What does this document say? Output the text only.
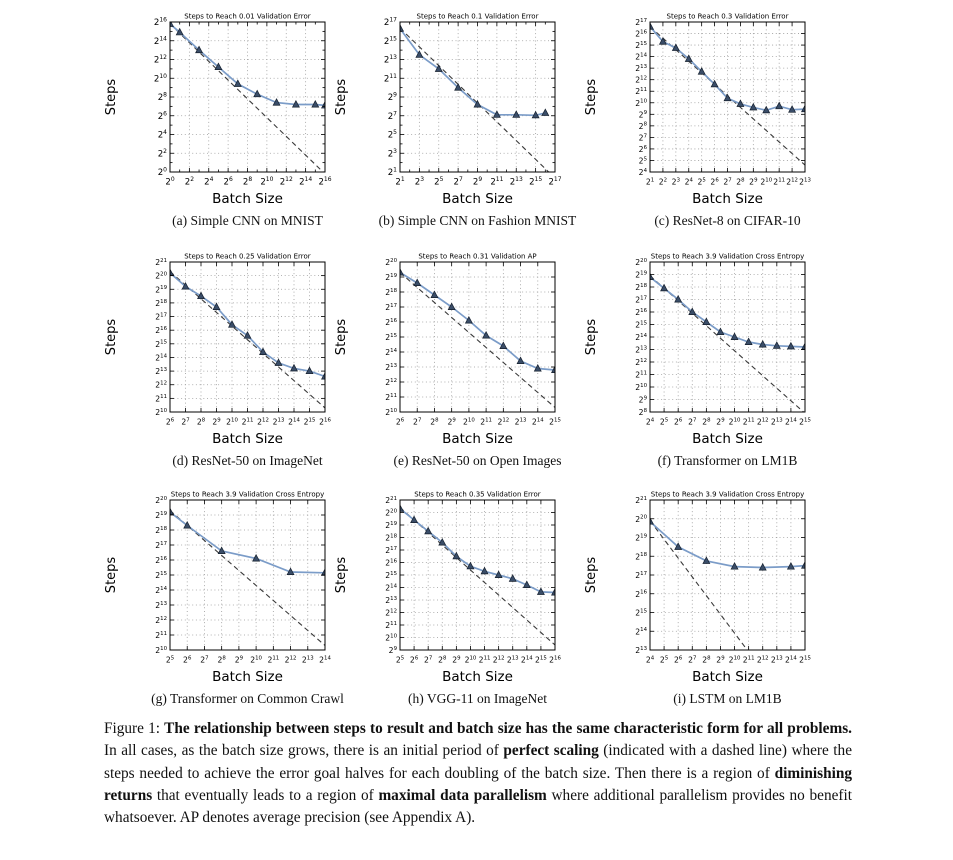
$2^0$ $2^2$ $2^4$ $2^6$ $2^8$ $2^{10}$ $2^{12}$ $2^{14}$ $2^{16}$
$2^0$
$2^2$
$2^4$
$2^6$
$2^8$
$2^{10}$
$2^{12}$
$2^{14}$
$2^{16}$ Steps to Reach 0.01 Validation Error
Steps
Batch Size
(a) Simple CNN on MNIST
$2^1$ $2^3$ $2^5$ $2^7$ $2^9$ $2^{11}$ $2^{13}$ $2^{15}$ $2^{17}$
$2^1$
$2^3$
$2^5$
$2^7$
$2^9$
$2^{11}$
$2^{13}$
$2^{15}$
$2^{17}$	Steps to Reach 0.1 Validation Error
Steps
Batch Size
(b) Simple CNN on Fashion MNIST
$2^1$ $2^2$ $2^3$ $2^4$ $2^5$ $2^6$ $2^7$ $2^8$ $2^9$ $2^{10}$ $2^{11}$ $2^{12}$ $2^{13}$
$2^4$
$2^5$
$2^6$
$2^7$
$2^8$
$2^9$
$2^{10}$
$2^{11}$
$2^{12}$
$2^{13}$
$2^{14}$
$2^{15}$
$2^{16}$
$2^{17}$
Steps to Reach 0.3 Validation Error
Steps
Batch Size
(c) ResNet-8 on CIFAR-10
$2^6$ $2^7$ $2^8$ $2^9$ $2^{10}$ $2^{11}$ $2^{12}$ $2^{13}$ $2^{14}$ $2^{15}$ $2^{16}$
$2^{10}$
$2^{11}$
$2^{12}$
$2^{13}$
$2^{14}$
$2^{15}$
$2^{16}$
$2^{17}$
$2^{18}$
$2^{19}$
$2^{20}$
$2^{21}$
Steps to Reach 0.25 Validation Error
Steps
Batch Size
(d) ResNet-50 on ImageNet
$2^6$ $2^7$ $2^8$ $2^9$ $2^{10}$ $2^{11}$ $2^{12}$ $2^{13}$ $2^{14}$ $2^{15}$
$2^{10}$
$2^{11}$
$2^{12}$
$2^{13}$
$2^{14}$
$2^{15}$
$2^{16}$
$2^{17}$
$2^{18}$
$2^{19}$
$2^{20}$
Steps to Reach 0.31 Validation AP
Steps
Batch Size
(e) ResNet-50 on Open Images
$2^4$ $2^5$ $2^6$ $2^7$ $2^8$ $2^9$ $2^{10}$ $2^{11}$ $2^{12}$ $2^{13}$ $2^{14}$ $2^{15}$
$2^8$
$2^9$
$2^{10}$
$2^{11}$
$2^{12}$
$2^{13}$
$2^{14}$
$2^{15}$
$2^{16}$
$2^{17}$
$2^{18}$
$2^{19}$
$2^{20}$
Steps to Reach 3.9 Validation Cross Entropy
Steps
Batch Size
(f) Transformer on LM1B
$2^5$ $2^6$ $2^7$ $2^8$ $2^9$ $2^{10}$ $2^{11}$ $2^{12}$ $2^{13}$ $2^{14}$
$2^{10}$
$2^{11}$
$2^{12}$
$2^{13}$
$2^{14}$
$2^{15}$
$2^{16}$
$2^{17}$
$2^{18}$
$2^{19}$
$2^{20}$
Steps to Reach 3.9 Validation Cross Entropy
Steps
Batch Size
(g) Transformer on Common Crawl
$2^5$ $2^6$ $2^7$ $2^8$ $2^9$ $2^{10}$ $2^{11}$ $2^{12}$ $2^{13}$ $2^{14}$ $2^{15}$ $2^{16}$
$2^9$
$2^{10}$
$2^{11}$
$2^{12}$
$2^{13}$
$2^{14}$
$2^{15}$
$2^{16}$
$2^{17}$
$2^{18}$
$2^{19}$
$2^{20}$
$2^{21}$
Steps to Reach 0.35 Validation Error
Steps
Batch Size
(h) VGG-11 on ImageNet
$2^4$ $2^5$ $2^6$ $2^7$ $2^8$ $2^9$ $2^{10}$ $2^{11}$ $2^{12}$ $2^{13}$ $2^{14}$ $2^{15}$
$2^{13}$
$2^{14}$
$2^{15}$
$2^{16}$
$2^{17}$
$2^{18}$
$2^{19}$
$2^{20}$
$2^{21}$
Steps to Reach 3.9 Validation Cross Entropy
Steps
Batch Size
(i) LSTM on LM1B

Figure 1: The relationship between steps to result and batch size has the same characteristic form for all problems. In all cases, as the batch size grows, there is an initial period of perfect scaling (indicated with a dashed line) where the steps needed to achieve the error goal halves for each doubling of the batch size. Then there is a region of diminishing returns that eventually leads to a region of maximal data parallelism where additional parallelism provides no benefit whatsoever. AP denotes average precision (see Appendix A).
